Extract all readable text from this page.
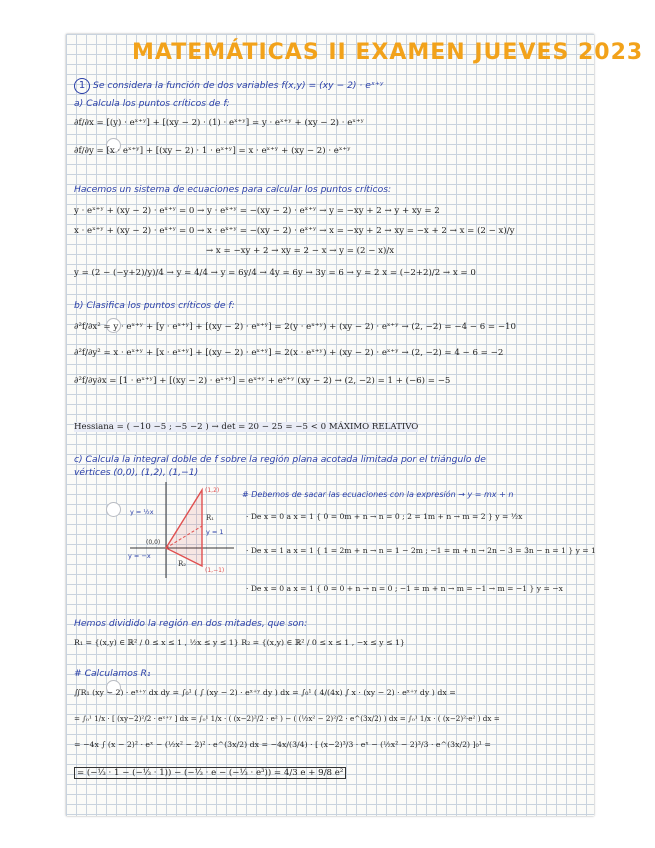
MATEMÁTICAS II EXAMEN JUEVES 2023
1 Se considera la función de dos variables f(x,y) = (xy − 2) · eˣ⁺ʸ
a) Calcula los puntos críticos de f:
∂f/∂x = [(y) · eˣ⁺ʸ] + [(xy − 2) · (1) · eˣ⁺ʸ] = y · eˣ⁺ʸ + (xy − 2) · eˣ⁺ʸ
∂f/∂y = [x · eˣ⁺ʸ] + [(xy − 2) · 1 · eˣ⁺ʸ] = x · eˣ⁺ʸ + (xy − 2) · eˣ⁺ʸ
Hacemos un sistema de ecuaciones para calcular los puntos críticos:
y · eˣ⁺ʸ + (xy − 2) · eˣ⁺ʸ = 0 → y · eˣ⁺ʸ = −(xy − 2) · eˣ⁺ʸ → y = −xy + 2 → y + xy = 2
x · eˣ⁺ʸ + (xy − 2) · eˣ⁺ʸ = 0 → x · eˣ⁺ʸ = −(xy − 2) · eˣ⁺ʸ → x = −xy + 2 → xy = −x + 2 → x = (2 − x)/y
→ x = −xy + 2 → xy = 2 − x → y = (2 − x)/x
y = (2 − (−y+2)/y)/4 → y = 4/4 → y = 6y/4 → 4y = 6y → 3y = 6 → y = 2 x = (−2+2)/2 → x = 0
b) Clasifica los puntos críticos de f:
∂²f/∂x² = y · eˣ⁺ʸ + [y · eˣ⁺ʸ] + [(xy − 2) · eˣ⁺ʸ] = 2(y · eˣ⁺ʸ) + (xy − 2) · eˣ⁺ʸ → (2, −2) = −4 − 6 = −10
∂²f/∂y² = x · eˣ⁺ʸ + [x · eˣ⁺ʸ] + [(xy − 2) · eˣ⁺ʸ] = 2(x · eˣ⁺ʸ) + (xy − 2) · eˣ⁺ʸ → (2, −2) = 4 − 6 = −2
∂²f/∂y∂x = [1 · eˣ⁺ʸ] + [(xy − 2) · eˣ⁺ʸ] = eˣ⁺ʸ + eˣ⁺ʸ (xy − 2) → (2, −2) = 1 + (−6) = −5
Hessiana = ( −10 −5 ; −5 −2 ) → det = 20 − 25 = −5 < 0 MÁXIMO RELATIVO
c) Calcula la integral doble de f sobre la región plana acotada limitada por el triángulo de
vértices (0,0), (1,2), (1,−1)
# Debemos de sacar las ecuaciones con la expresión → y = mx + n
· De x = 0 a x = 1 { 0 = 0m + n → n = 0 ; 2 = 1m + n → m = 2 } y = ½x
· De x = 1 a x = 1 { 1 = 2m + n → n = 1 − 2m ; −1 = m + n → 2n − 3 = 3n − n = 1 } y = 1
· De x = 0 a x = 1 { 0 = 0 + n → n = 0 ; −1 = m + n → m = −1 → m = −1 } y = −x
Hemos dividido la región en dos mitades, que son:
R₁ = {(x,y) ∈ ℝ² / 0 ≤ x ≤ 1 , ½x ≤ y ≤ 1} R₂ = {(x,y) ∈ ℝ² / 0 ≤ x ≤ 1 , −x ≤ y ≤ 1}
# Calculamos R₁
∬R₁ (xy − 2) · eˣ⁺ʸ dx dy = ∫₀¹ ( ∫ (xy − 2) · eˣ⁺ʸ dy ) dx = ∫₀¹ ( 4/(4x) ∫ x · (xy − 2) · eˣ⁺ʸ dy ) dx =
= ∫₀¹ 1/x · [ (xy−2)²/2 · eˣ⁺ʸ ] dx = ∫₀¹ 1/x · ( (x−2)²/2 · e² ) − ( (½x² − 2)²/2 · e^(3x/2) ) dx = ∫₀¹ 1/x · ( (x−2)²·e² ) dx =
= −4x ∫ (x − 2)² · eˣ − (½x² − 2)² · e^(3x/2) dx = −4x/(3/4) · [ (x−2)³/3 · eˣ − (½x² − 2)³/3 · e^(3x/2) ]₀¹ =
= (−⅓ · 1 − (−⅓ · 1)) − (−⅓ · e − (−⅓ · e³)) = 4/3 e + 9/8 e²
(1,2)
(1,−1)
(0,0)
R₁
R₂
y = ½x
y = 1
y = −x
